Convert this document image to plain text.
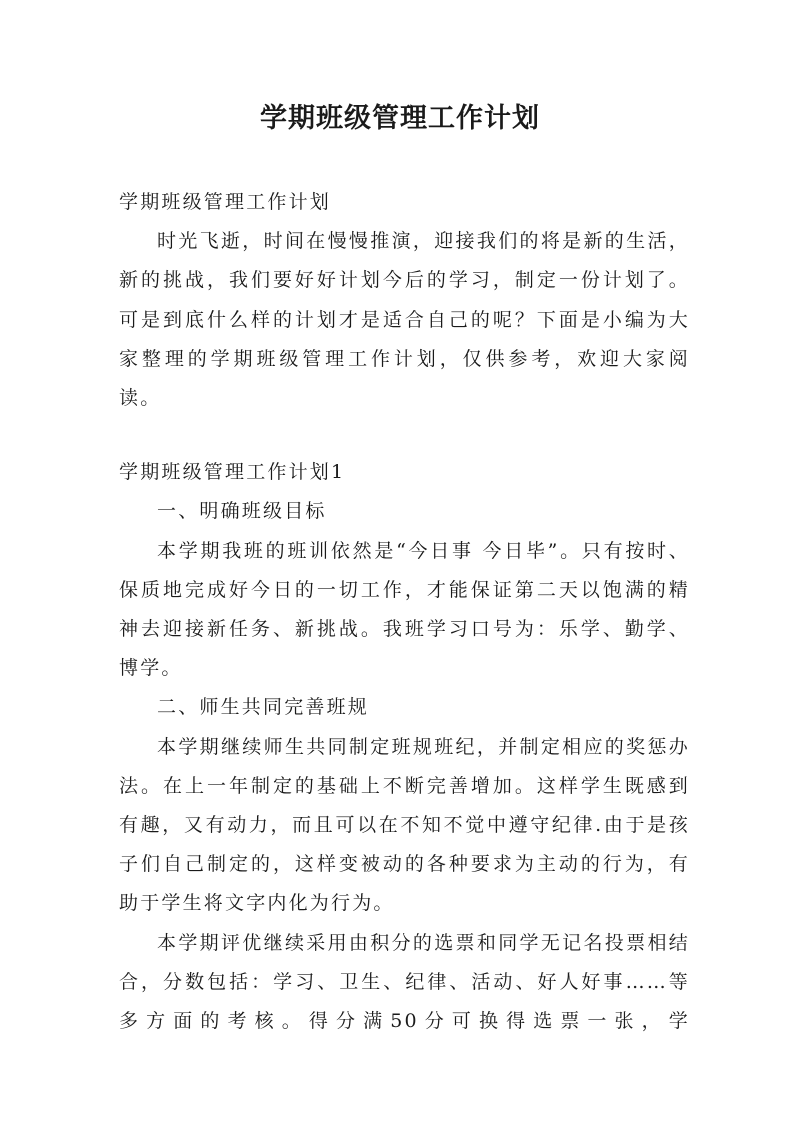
学期班级管理工作计划

学期班级管理工作计划

时光飞逝，时间在慢慢推演，迎接我们的将是新的生活，新的挑战，我们要好好计划今后的学习，制定一份计划了。可是到底什么样的计划才是适合自己的呢？下面是小编为大家整理的学期班级管理工作计划，仅供参考，欢迎大家阅读。

学期班级管理工作计划1

一、明确班级目标

本学期我班的班训依然是“今日事 今日毕”。只有按时、保质地完成好今日的一切工作，才能保证第二天以饱满的精神去迎接新任务、新挑战。我班学习口号为：乐学、勤学、博学。

二、师生共同完善班规

本学期继续师生共同制定班规班纪，并制定相应的奖惩办法。在上一年制定的基础上不断完善增加。这样学生既感到有趣，又有动力，而且可以在不知不觉中遵守纪律.由于是孩子们自己制定的，这样变被动的各种要求为主动的行为，有助于学生将文字内化为行为。

本学期评优继续采用由积分的选票和同学无记名投票相结合，分数包括：学习、卫生、纪律、活动、好人好事……等多方面的考核。得分满50分可换得选票一张，学
